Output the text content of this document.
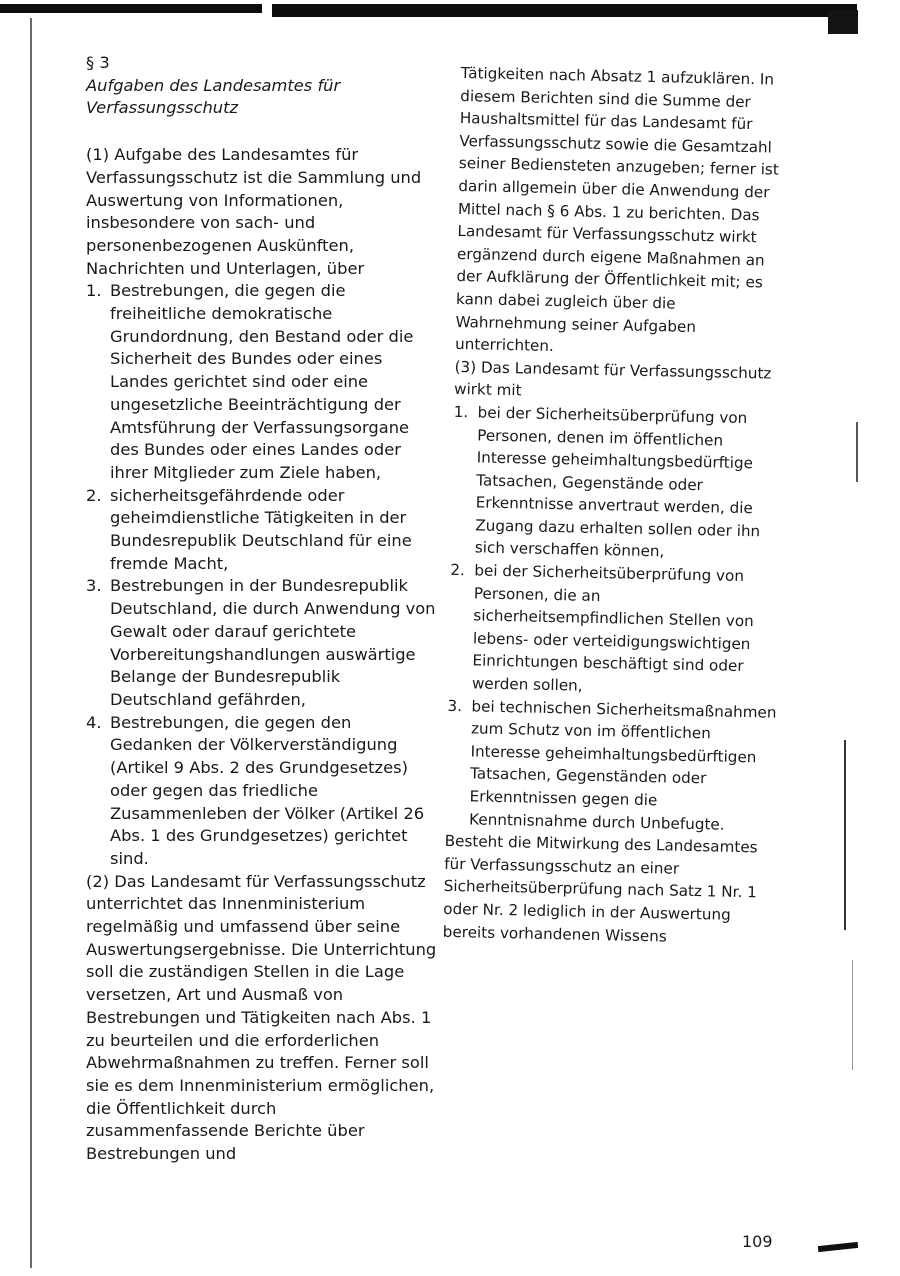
§ 3

Aufgaben des Landesamtes für Verfassungsschutz

(1) Aufgabe des Landesamtes für Verfassungsschutz ist die Sammlung und Auswertung von Informationen, insbesondere von sach- und personenbezogenen Auskünften, Nachrichten und Unterlagen, über

1. Bestrebungen, die gegen die freiheitliche demokratische Grundordnung, den Bestand oder die Sicherheit des Bundes oder eines Landes gerichtet sind oder eine ungesetzliche Beeinträchtigung der Amtsführung der Verfassungsorgane des Bundes oder eines Landes oder ihrer Mitglieder zum Ziele haben,
2. sicherheitsgefährdende oder geheimdienstliche Tätigkeiten in der Bundesrepublik Deutschland für eine fremde Macht,
3. Bestrebungen in der Bundesrepublik Deutschland, die durch Anwendung von Gewalt oder darauf gerichtete Vorbereitungshandlungen auswärtige Belange der Bundesrepublik Deutschland gefährden,
4. Bestrebungen, die gegen den Gedanken der Völkerverständigung (Artikel 9 Abs. 2 des Grundgesetzes) oder gegen das friedliche Zusammenleben der Völker (Artikel 26 Abs. 1 des Grundgesetzes) gerichtet sind.

(2) Das Landesamt für Verfassungsschutz unterrichtet das Innenministerium regelmäßig und umfassend über seine Auswertungsergebnisse. Die Unterrichtung soll die zuständigen Stellen in die Lage versetzen, Art und Ausmaß von Bestrebungen und Tätigkeiten nach Abs. 1 zu beurteilen und die erforderlichen Abwehrmaßnahmen zu treffen. Ferner soll sie es dem Innenministerium ermöglichen, die Öffentlichkeit durch zusammenfassende Berichte über Bestrebungen und

Tätigkeiten nach Absatz 1 aufzuklären. In diesem Berichten sind die Summe der Haushaltsmittel für das Landesamt für Verfassungsschutz sowie die Gesamtzahl seiner Bediensteten anzugeben; ferner ist darin allgemein über die Anwendung der Mittel nach § 6 Abs. 1 zu berichten. Das Landesamt für Verfassungsschutz wirkt ergänzend durch eigene Maßnahmen an der Aufklärung der Öffentlichkeit mit; es kann dabei zugleich über die Wahrnehmung seiner Aufgaben unterrichten.

(3) Das Landesamt für Verfassungsschutz wirkt mit

1. bei der Sicherheitsüberprüfung von Personen, denen im öffentlichen Interesse geheimhaltungsbedürftige Tatsachen, Gegenstände oder Erkenntnisse anvertraut werden, die Zugang dazu erhalten sollen oder ihn sich verschaffen können,
2. bei der Sicherheitsüberprüfung von Personen, die an sicherheitsempfindlichen Stellen von lebens- oder verteidigungswichtigen Einrichtungen beschäftigt sind oder werden sollen,
3. bei technischen Sicherheitsmaßnahmen zum Schutz von im öffentlichen Interesse geheimhaltungsbedürftigen Tatsachen, Gegenständen oder Erkenntnissen gegen die Kenntnisnahme durch Unbefugte.

Besteht die Mitwirkung des Landesamtes für Verfassungsschutz an einer Sicherheitsüberprüfung nach Satz 1 Nr. 1 oder Nr. 2 lediglich in der Auswertung bereits vorhandenen Wissens

109
